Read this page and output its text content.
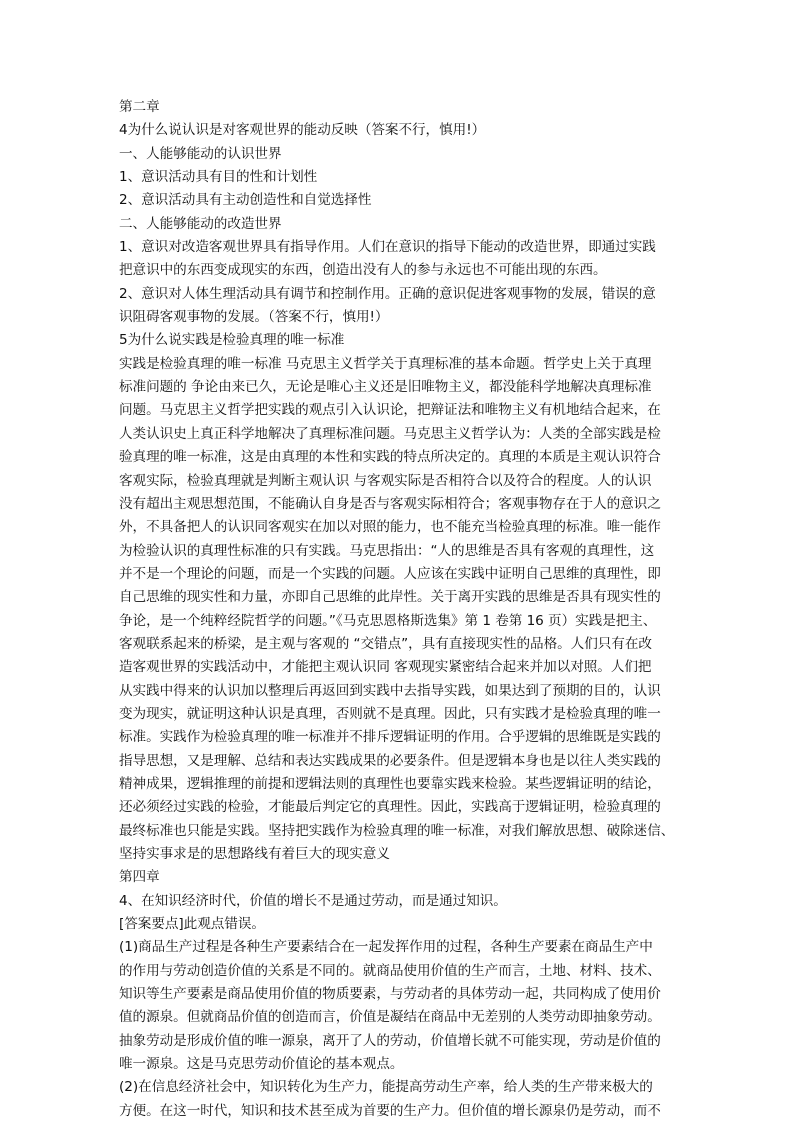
第二章
4为什么说认识是对客观世界的能动反映（答案不行，慎用!）
一、人能够能动的认识世界
1、意识活动具有目的性和计划性
2、意识活动具有主动创造性和自觉选择性
二、人能够能动的改造世界
1、意识对改造客观世界具有指导作用。人们在意识的指导下能动的改造世界，即通过实践
把意识中的东西变成现实的东西，创造出没有人的参与永远也不可能出现的东西。
2、意识对人体生理活动具有调节和控制作用。正确的意识促进客观事物的发展，错误的意
识阻碍客观事物的发展。（答案不行，慎用!）
5为什么说实践是检验真理的唯一标准
实践是检验真理的唯一标准 马克思主义哲学关于真理标准的基本命题。哲学史上关于真理
标准问题的 争论由来已久，无论是唯心主义还是旧唯物主义，都没能科学地解决真理标准
问题。马克思主义哲学把实践的观点引入认识论，把辩证法和唯物主义有机地结合起来，在
人类认识史上真正科学地解决了真理标准问题。马克思主义哲学认为：人类的全部实践是检
验真理的唯一标准，这是由真理的本性和实践的特点所决定的。真理的本质是主观认识符合
客观实际，检验真理就是判断主观认识 与客观实际是否相符合以及符合的程度。人的认识
没有超出主观思想范围，不能确认自身是否与客观实际相符合；客观事物存在于人的意识之
外，不具备把人的认识同客观实在加以对照的能力，也不能充当检验真理的标准。唯一能作
为检验认识的真理性标准的只有实践。马克思指出：“人的思维是否具有客观的真理性，这
并不是一个理论的问题，而是一个实践的问题。人应该在实践中证明自己思维的真理性，即
自己思维的现实性和力量，亦即自己思维的此岸性。关于离开实践的思维是否具有现实性的
争论，是一个纯粹经院哲学的问题。”《马克思恩格斯选集》第 1 卷第 16 页）实践是把主、
客观联系起来的桥梁，是主观与客观的 “交错点”，具有直接现实性的品格。人们只有在改
造客观世界的实践活动中，才能把主观认识同 客观现实紧密结合起来并加以对照。人们把
从实践中得来的认识加以整理后再返回到实践中去指导实践，如果达到了预期的目的，认识
变为现实，就证明这种认识是真理，否则就不是真理。因此，只有实践才是检验真理的唯一
标准。实践作为检验真理的唯一标准并不排斥逻辑证明的作用。合乎逻辑的思维既是实践的
指导思想，又是理解、总结和表达实践成果的必要条件。但是逻辑本身也是以往人类实践的
精神成果，逻辑推理的前提和逻辑法则的真理性也要靠实践来检验。某些逻辑证明的结论，
还必须经过实践的检验，才能最后判定它的真理性。因此，实践高于逻辑证明，检验真理的
最终标准也只能是实践。坚持把实践作为检验真理的唯一标准，对我们解放思想、破除迷信、
坚持实事求是的思想路线有着巨大的现实意义
第四章
4、在知识经济时代，价值的增长不是通过劳动，而是通过知识。
[答案要点]此观点错误。
(1)商品生产过程是各种生产要素结合在一起发挥作用的过程，各种生产要素在商品生产中
的作用与劳动创造价值的关系是不同的。就商品使用价值的生产而言，土地、材料、技术、
知识等生产要素是商品使用价值的物质要素，与劳动者的具体劳动一起，共同构成了使用价
值的源泉。但就商品价值的创造而言，价值是凝结在商品中无差别的人类劳动即抽象劳动。
抽象劳动是形成价值的唯一源泉，离开了人的劳动，价值增长就不可能实现，劳动是价值的
唯一源泉。这是马克思劳动价值论的基本观点。
(2)在信息经济社会中，知识转化为生产力，能提高劳动生产率，给人类的生产带来极大的
方便。在这一时代，知识和技术甚至成为首要的生产力。但价值的增长源泉仍是劳动，而不
